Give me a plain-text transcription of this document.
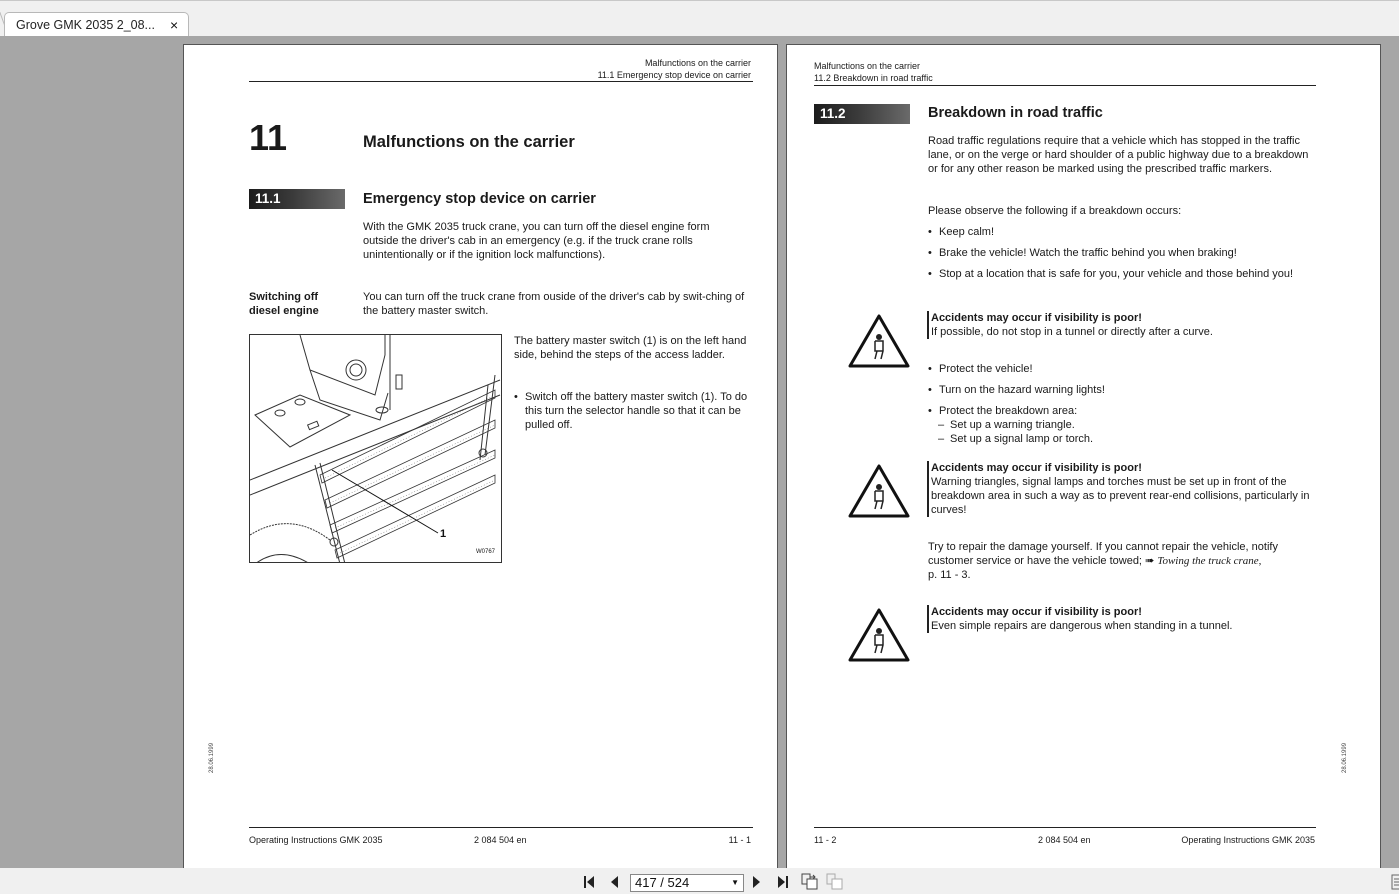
Grove GMK 2035 2_08... ×
Malfunctions on the carrier
11.1 Emergency stop device on carrier
11	Malfunctions on the carrier
11.1	Emergency stop device on carrier
With the GMK 2035 truck crane, you can turn off the diesel engine form outside the driver's cab in an emergency (e.g. if the truck crane rolls unintentionally or if the ignition lock malfunctions).
Switching off
diesel engine
You can turn off the truck crane from ouside of the driver's cab by swit-ching of the battery master switch.
1
W0767
The battery master switch (1) is on the left hand side, behind the steps of the access ladder.
• Switch off the battery master switch (1). To do this turn the selector handle so that it can be pulled off.
28.06.1999
Operating Instructions GMK 2035	2 084 504 en	11 - 1
Malfunctions on the carrier
11.2 Breakdown in road traffic
11.2	Breakdown in road traffic
Road traffic regulations require that a vehicle which has stopped in the traffic lane, or on the verge or hard shoulder of a public highway due to a breakdown or for any other reason be marked using the prescribed traffic markers.
Please observe the following if a breakdown occurs:
• Keep calm!
• Brake the vehicle! Watch the traffic behind you when braking!
• Stop at a location that is safe for you, your vehicle and those behind you!
Accidents may occur if visibility is poor!
If possible, do not stop in a tunnel or directly after a curve.
• Protect the vehicle!
• Turn on the hazard warning lights!
• Protect the breakdown area:
– Set up a warning triangle.
– Set up a signal lamp or torch.
Accidents may occur if visibility is poor!
Warning triangles, signal lamps and torches must be set up in front of the breakdown area in such a way as to prevent rear-end collisions, particularly in curves!
Try to repair the damage yourself. If you cannot repair the vehicle, notify customer service or have the vehicle towed; ➠ Towing the truck crane,
p. 11 - 3.
Accidents may occur if visibility is poor!
Even simple repairs are dangerous when standing in a tunnel.
28.06.1999
11 - 2	2 084 504 en	Operating Instructions GMK 2035
417 / 524	▼
